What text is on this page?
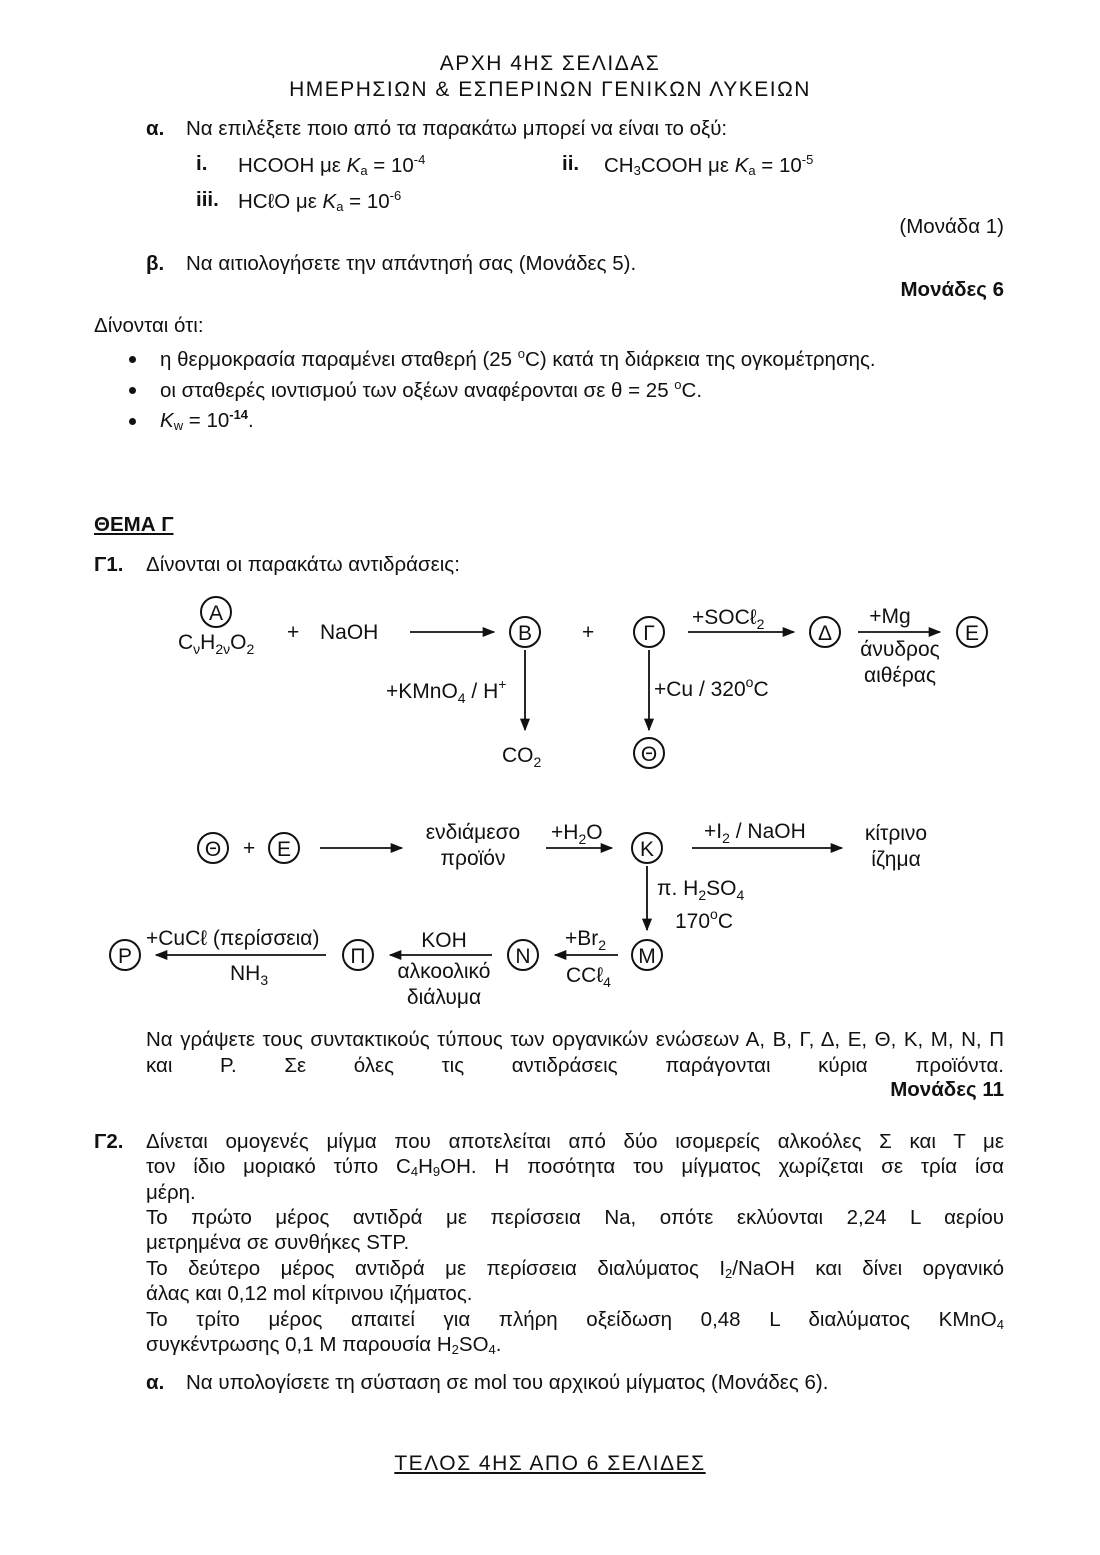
ΑΡΧΗ 4ΗΣ ΣΕΛΙΔΑΣ
ΗΜΕΡΗΣΙΩΝ & ΕΣΠΕΡΙΝΩΝ ΓΕΝΙΚΩΝ ΛΥΚΕΙΩΝ
α. Να επιλέξετε ποιο από τα παρακάτω μπορεί να είναι το οξύ:
i. HCOOH με $K_a = 10^{-4}$	ii. $CH_3COOH$ με $K_a = 10^{-5}$
iii. HCℓO με $K_a = 10^{-6}$
(Μονάδα 1)
β. Να αιτιολογήσετε την απάντησή σας (Μονάδες 5).
Μονάδες 6
Δίνονται ότι:
η θερμοκρασία παραμένει σταθερή (25 $^o$C) κατά τη διάρκεια της ογκομέτρησης.
οι σταθερές ιοντισμού των οξέων αναφέρονται σε θ = 25 $^o$C.
$K_w = 10^{-14}$.
ΘΕΜΑ Γ
Γ1. Δίνονται οι παρακάτω αντιδράσεις:
A
$C_\nu H_{2\nu}O_2$
+ NaOH	B + Γ
+SOCℓ$_2$	Δ
+Mg
άνυδρος
αιθέρας
E
+KMnO$_4$ / H+
$CO_2$
+Cu / 320$^o$C
Θ
Θ + E
ενδιάμεσο
προϊόν
$+H_2O$
K
$+I_2$ / NaOH	κίτρινο
ίζημα
π. $H_2SO_4$
170$^o$C
M
$+Br_2$
CCℓ$_4$
N
KOH
αλκοολικό
διάλυμα
Π
+CuCℓ (περίσσεια)
$NH_3$
P
Να γράψετε τους συντακτικούς τύπους των οργανικών ενώσεων Α, Β, Γ, Δ, Ε, Θ, Κ, Μ, Ν, Π και Ρ. Σε όλες τις αντιδράσεις παράγονται κύρια προϊόντα.
Μονάδες 11
Γ2. Δίνεται ομογενές μίγμα που αποτελείται από δύο ισομερείς αλκοόλες Σ και Τ με
τον ίδιο μοριακό τύπο $C_4H_9OH$. Η ποσότητα του μίγματος χωρίζεται σε τρία ίσα
μέρη.
Το πρώτο μέρος αντιδρά με περίσσεια Na, οπότε εκλύονται 2,24 L αερίου
μετρημένα σε συνθήκες STP.
Το δεύτερο μέρος αντιδρά με περίσσεια διαλύματος $I_2$/NaOH και δίνει οργανικό
άλας και 0,12 mol κίτρινου ιζήματος.
Το τρίτο μέρος απαιτεί για πλήρη οξείδωση 0,48 L διαλύματος KMnO$_4$
συγκέντρωσης 0,1 M παρουσία $H_2SO_4$.
α. Να υπολογίσετε τη σύσταση σε mol του αρχικού μίγματος (Μονάδες 6).
ΤΕΛΟΣ 4ΗΣ ΑΠΟ 6 ΣΕΛΙΔΕΣ
